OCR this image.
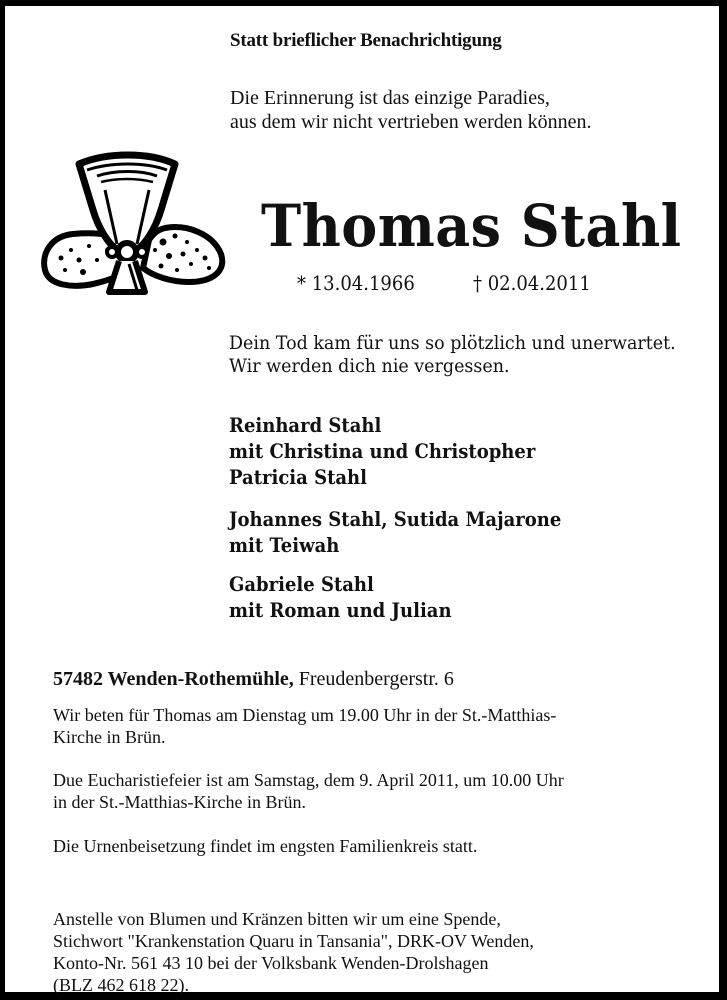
Statt brieflicher Benachrichtigung
Die Erinnerung ist das einzige Paradies,
aus dem wir nicht vertrieben werden können.
Thomas Stahl
* 13.04.1966	† 02.04.2011
Dein Tod kam für uns so plötzlich und unerwartet.
Wir werden dich nie vergessen.
Reinhard Stahl
mit Christina und Christopher
Patricia Stahl
Johannes Stahl, Sutida Majarone
mit Teiwah
Gabriele Stahl
mit Roman und Julian
57482 Wenden-Rothemühle, Freudenbergerstr. 6
Wir beten für Thomas am Dienstag um 19.00 Uhr in der St.-Matthias-
Kirche in Brün.
Due Eucharistiefeier ist am Samstag, dem 9. April 2011, um 10.00 Uhr
in der St.-Matthias-Kirche in Brün.
Die Urnenbeisetzung findet im engsten Familienkreis statt.
Anstelle von Blumen und Kränzen bitten wir um eine Spende,
Stichwort "Krankenstation Quaru in Tansania", DRK-OV Wenden,
Konto-Nr. 561 43 10 bei der Volksbank Wenden-Drolshagen
(BLZ 462 618 22).
